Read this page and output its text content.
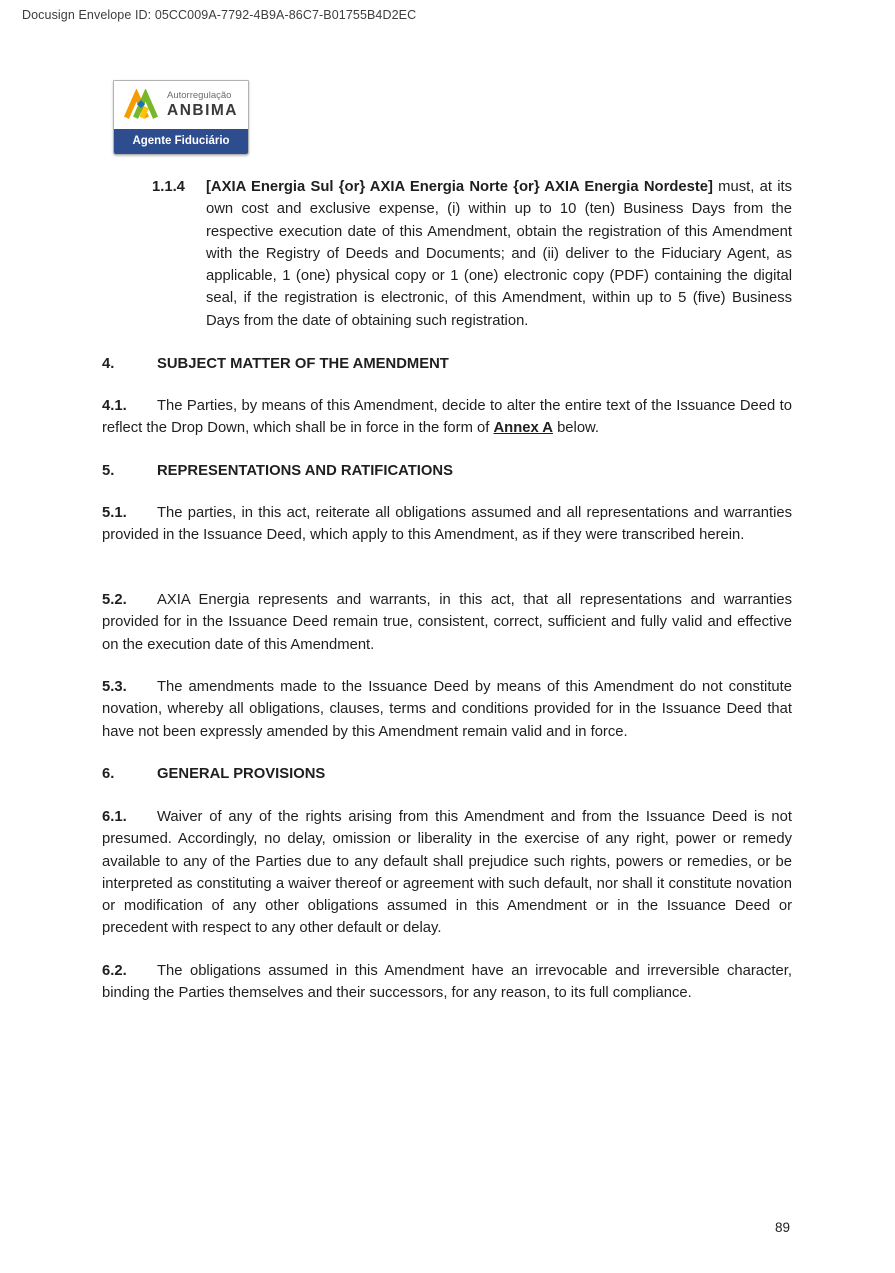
Docusign Envelope ID: 05CC009A-7792-4B9A-86C7-B01755B4D2EC
Autorregulação
ANBIMA
Agente Fiduciário
1.1.4 [AXIA Energia Sul {or} AXIA Energia Norte {or} AXIA Energia Nordeste] must, at its own cost and exclusive expense, (i) within up to 10 (ten) Business Days from the respective execution date of this Amendment, obtain the registration of this Amendment with the Registry of Deeds and Documents; and (ii) deliver to the Fiduciary Agent, as applicable, 1 (one) physical copy or 1 (one) electronic copy (PDF) containing the digital seal, if the registration is electronic, of this Amendment, within up to 5 (five) Business Days from the date of obtaining such registration.
4.	SUBJECT MATTER OF THE AMENDMENT
4.1. The Parties, by means of this Amendment, decide to alter the entire text of the Issuance Deed to reflect the Drop Down, which shall be in force in the form of Annex A below.
5.	REPRESENTATIONS AND RATIFICATIONS
5.1. The parties, in this act, reiterate all obligations assumed and all representations and warranties provided in the Issuance Deed, which apply to this Amendment, as if they were transcribed herein.
5.2. AXIA Energia represents and warrants, in this act, that all representations and warranties provided for in the Issuance Deed remain true, consistent, correct, sufficient and fully valid and effective on the execution date of this Amendment.
5.3. The amendments made to the Issuance Deed by means of this Amendment do not constitute novation, whereby all obligations, clauses, terms and conditions provided for in the Issuance Deed that have not been expressly amended by this Amendment remain valid and in force.
6.	GENERAL PROVISIONS
6.1. Waiver of any of the rights arising from this Amendment and from the Issuance Deed is not presumed. Accordingly, no delay, omission or liberality in the exercise of any right, power or remedy available to any of the Parties due to any default shall prejudice such rights, powers or remedies, or be interpreted as constituting a waiver thereof or agreement with such default, nor shall it constitute novation or modification of any other obligations assumed in this Amendment or in the Issuance Deed or precedent with respect to any other default or delay.
6.2. The obligations assumed in this Amendment have an irrevocable and irreversible character, binding the Parties themselves and their successors, for any reason, to its full compliance.
89
